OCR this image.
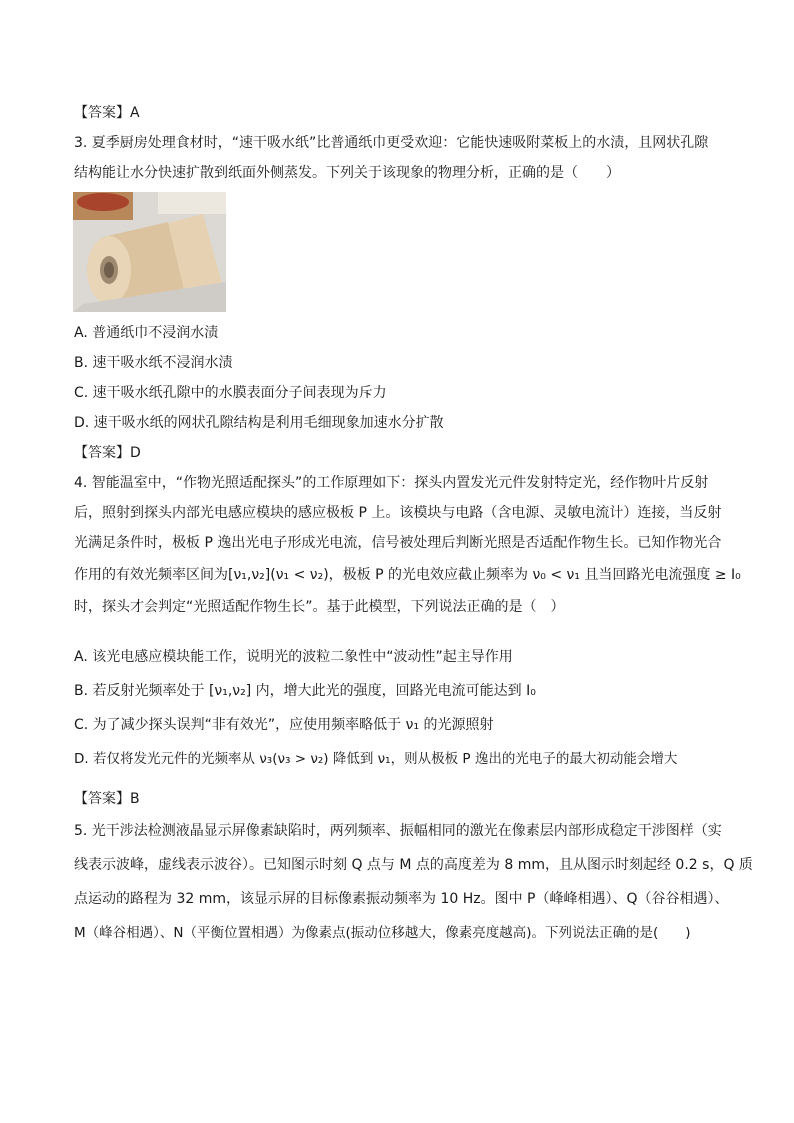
【答案】A
3. 夏季厨房处理食材时，“速干吸水纸”比普通纸巾更受欢迎：它能快速吸附菜板上的水渍，且网状孔隙
结构能让水分快速扩散到纸面外侧蒸发。下列关于该现象的物理分析，正确的是（　　）
A. 普通纸巾不浸润水渍
B. 速干吸水纸不浸润水渍
C. 速干吸水纸孔隙中的水膜表面分子间表现为斥力
D. 速干吸水纸的网状孔隙结构是利用毛细现象加速水分扩散
【答案】D
4. 智能温室中，“作物光照适配探头”的工作原理如下：探头内置发光元件发射特定光，经作物叶片反射
后，照射到探头内部光电感应模块的感应极板 P 上。该模块与电路（含电源、灵敏电流计）连接，当反射
光满足条件时，极板 P 逸出光电子形成光电流，信号被处理后判断光照是否适配作物生长。已知作物光合
作用的有效光频率区间为[ν₁,ν₂](ν₁ < ν₂)，极板 P 的光电效应截止频率为 ν₀ < ν₁ 且当回路光电流强度 ≥ I₀
时，探头才会判定“光照适配作物生长”。基于此模型，下列说法正确的是（　）
A. 该光电感应模块能工作，说明光的波粒二象性中“波动性”起主导作用
B. 若反射光频率处于 [ν₁,ν₂] 内，增大此光的强度，回路光电流可能达到 I₀
C. 为了减少探头误判“非有效光”，应使用频率略低于 ν₁ 的光源照射
D. 若仅将发光元件的光频率从 ν₃(ν₃ > ν₂) 降低到 ν₁，则从极板 P 逸出的光电子的最大初动能会增大
【答案】B
5. 光干涉法检测液晶显示屏像素缺陷时，两列频率、振幅相同的激光在像素层内部形成稳定干涉图样（实
线表示波峰，虚线表示波谷）。已知图示时刻 Q 点与 M 点的高度差为 8 mm，且从图示时刻起经 0.2 s，Q 质
点运动的路程为 32 mm，该显示屏的目标像素振动频率为 10 Hz。图中 P（峰峰相遇）、Q（谷谷相遇）、
M（峰谷相遇）、N（平衡位置相遇）为像素点(振动位移越大，像素亮度越高)。下列说法正确的是(　　)
